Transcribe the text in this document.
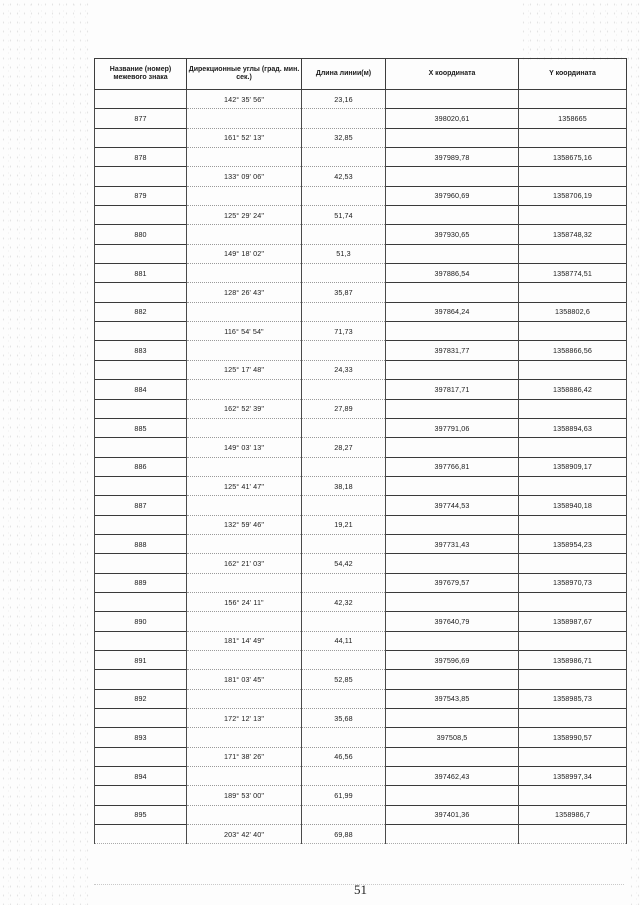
Название (номер) межевого знака	Дирекционные углы (град. мин. сек.)	Длина линии(м)	X координата	Y координата
	142° 35' 56"	23,16		
877			398020,61	1358665
	161° 52' 13"	32,85		
878			397989,78	1358675,16
	133° 09' 06"	42,53		
879			397960,69	1358706,19
	125° 29' 24"	51,74		
880			397930,65	1358748,32
	149° 18' 02"	51,3		
881			397886,54	1358774,51
	128° 26' 43"	35,87		
882			397864,24	1358802,6
	116° 54' 54"	71,73		
883			397831,77	1358866,56
	125° 17' 48"	24,33		
884			397817,71	1358886,42
	162° 52' 39"	27,89		
885			397791,06	1358894,63
	149° 03' 13"	28,27		
886			397766,81	1358909,17
	125° 41' 47"	38,18		
887			397744,53	1358940,18
	132° 59' 46"	19,21		
888			397731,43	1358954,23
	162° 21' 03"	54,42		
889			397679,57	1358970,73
	156° 24' 11"	42,32		
890			397640,79	1358987,67
	181° 14' 49"	44,11		
891			397596,69	1358986,71
	181° 03' 45"	52,85		
892			397543,85	1358985,73
	172° 12' 13"	35,68		
893			397508,5	1358990,57
	171° 38' 26"	46,56		
894			397462,43	1358997,34
	189° 53' 00"	61,99		
895			397401,36	1358986,7
	203° 42' 40"	69,88		
51
